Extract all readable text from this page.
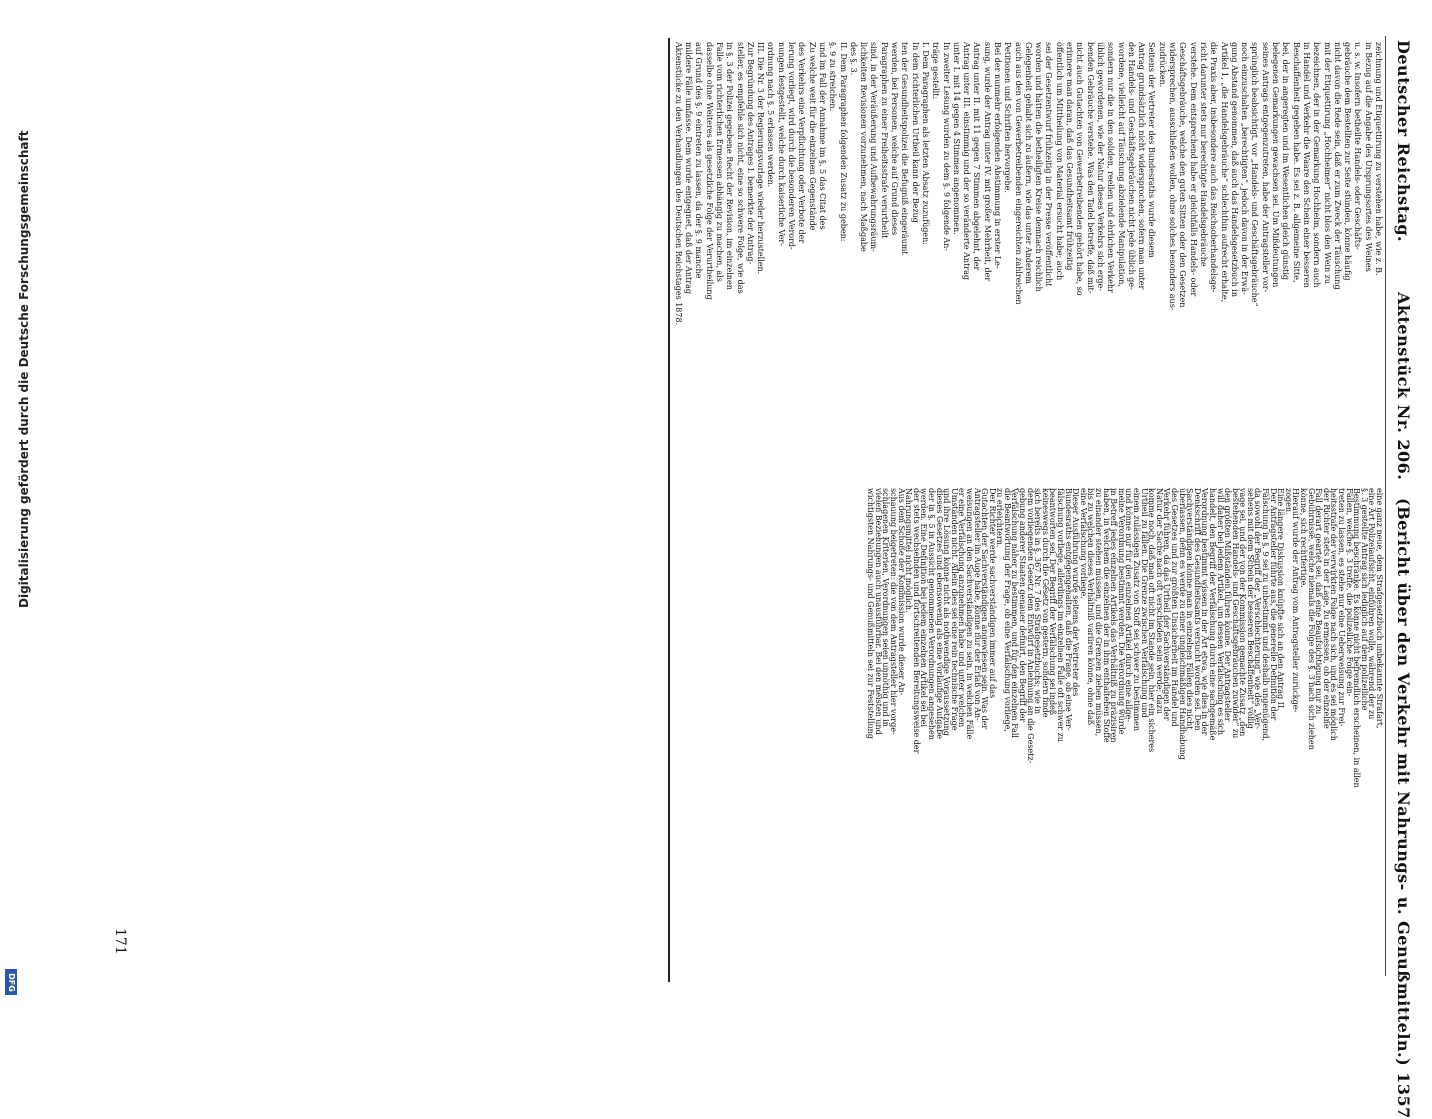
Digitalisierung gefördert durch die Deutsche Forschungsgemeinschaft
DFG
Deutscher Reichstag.
Aktenstück Nr. 206.
(Bericht über den Verkehr mit Nahrungs- u. Genußmitteln.) 1357
zeichnung und Etiquettirung zu verstehen habe, wie z. B.
in Bezug auf die Angabe des Ursprungsortes des Weines
u. s. w. Insofern betheilte Handels- oder Geschäfts-
gebräuche dem Bestellten zur Seite stünden, könne häufig
nicht davon die Rede sein, daß er zum Zweck der Täuschung
mit der Etiquettirung „Hochheimer“ nicht blos den Wein zu
bezeichnen, der in der Gemarkung Hochheim, sondern auch
in Handel und Verkehr die Waare den Schein einer besseren
Beschaffenheit gegeben habe. Es sei z. B. allgemeine Sitte,
bei, der in angeregten und im Wesentlichen gleich günstig
belegenen Gemarkungen gewachsen sei. Um Mißdeutungen
seines Antrags entgegenzutreten, habe der Antragsteller vor-
sprünglich beabsichtigt, vor „Handels- und Geschäftsgebräuche“
noch einzuschalten „berechtigten“, jedoch davon in der Erwä-
gung Abstand genommen, daß auch das Handelsgesetzbuch in
Artikel 1, „die Handelsgebräuche“ schlechthin aufrecht erhalte,
die Praxis aber, insbesondere auch das Reichsoberhandelsge-
richt darunter stets nur berechtigte Handelsgebräuche
verstehe. Dem entsprechend habe er gleichfalls Handels- oder
Geschäftsgebräuche, welche den guten Sitten oder den Gesetzen
widersprechen, ausschließen wollen, ohne solches besonders aus-
zudrücken.
Seitens der Vertreter des Bundesraths wurde diesem
Antrag grundsätzlich nicht widersprochen, sofern man unter
den Handels- und Geschäftsgebräuchen nicht jede üblich ge-
wordene, vielleicht auf Täuschung abzielende Manipulation,
sondern nur die in den soliden, reellen und ehrlichen Verkehr
üblich gewordenen, wie der Natur dieses Verkehrs sich erge-
benden Gebräuche verstehe. Was den Tadel betreffe, daß mit-
nicht auch Gutachten von Gewerbetreibenden gehört habe, so
erinnere man daran, daß das Gesundheitsamt frühzeitig
öffentlich um Mittheilung von Material ersucht habe; auch
sei der Gesetzentwurf frühzeitig in der Presse veröffentlicht
worden und hätten die betheiligten Kreise demnach reichlich
Gelegenheit gehabt sich zu äußern, wie das unter Anderem
auch aus den von Gewerbetreibenden eingereichten zahlreichen
Petitionen und Schriften hervorgehe.
Bei der nunmehr erfolgenden Abstimmung in erster Le-
sung, wurde der Antrag unter IV. mit großer Mehrheit, der
Antrag unter II. mit 11 gegen 7 Stimmen abgelehnt, der
Antrag unter III. einstimmig und der so veränderte Antrag
unter I. mit 14 gegen 4 Stimmen angenommen.
In zweiter Lesung wurden zu dem §. 9 folgende An-
träge gestellt:
I. Dem Paragraphen als letzten Absatz zuzufügen:
In dem richterlichen Urtheil kann der Bezug
ten der Gesundheitspolizei die Befugniß eingeräumt
werden, bei Personen, welche auf Grund dieses
Paragraphen zu einer Freiheitsstrafe verurtheilt
sind, in der Veräußerung und Aufbewahrungsräum-
lichkeiten Revisionen vorzunehmen, nach Maßgabe
des §. 3.
II. Dem Paragraphen folgenden Zusatz zu geben:
§. 9 zu streichen.
und im Fall der Annahme im §. 5 das Citat des
Zu welche weit für die einzelnen Gegenstände
des Verkehrs eine Verpflichtung oder Verbote der
lerung vorliegt, wird durch die besonderen Verord-
nungen festgestellt, welche durch kaiserliche Ver-
ordnung nach §. 5 erlassen werden.
III. Die Nr. 3 der Regierungsvorlage wieder herzustellen.
Zur Begründung des Antrages I. bemerkte der Antrag-
steller, es empfehle sich nicht, eine so schwere Folge, wie das
in §. 3 der Polizei gegebene Recht der Revision, im einzelnen
Falle vom richterlichen Ermessen abhängig zu machen, als
dasselbe ohne Weiteres als gesetzliche Folge der Verurtheilung
auf Grund des §. 9 eintreten zu lassen, da der §. 9 manche
mildere Fälle umfasse. Dem wurde entgegnet, daß der Antrag
Aktenstücke zu den Verhandlungen des Deutschen Reichstages 1878.
eine ganz neue, dem Strafgesetzbuch unbekannte Strafart,
eine Art Polizeiaufsicht, einführen wolle, während der zu
§. 3 gestellte Antrag sich lediglich auf dem polizeiliche
Bestimmung beschränke. Es könne nicht befremdlich erscheinen, in allen
Fällen, welche §. 3 treffe, die polizeiliche Folge ein-
treten zu lassen, es stehe nur eine Ueberweisung zur Frei-
heitsstrafe der verwirkten Folge nach sich, und es sei möglich
der Richter stets in der Lage, zu ermessen, ob der einzelne
Fall derart geartet sei, daß eine Beaufsichtigung nur zu
Gebührnisse, welche niemals die Folge des §. 3 nach sich ziehen
könne, sich rechtfertige.
Hierauf wurde der Antrag vom Antragsteller zurückge-
zogen.
Eine längere Diskussion knüpfte sich an den Antrag II.
Der Antragsteller führte aus, die generelle Definition der
Fälschung in §. 9 sei zu unbestimmt und deshalb ungenügend,
da sowohl der Begriff der „Verschlechterung“ wie des „Ver-
sehens mit dem Schein der besseren Beschaffenheit“ völlig
vage sei, und der von der Kommission gemachte Zusatz „den
bestehenden Handels- und Geschäftsgebräuchen zuwider“ zu
den größten Mißständen führen könne. Der Antragsteller
will daher bei jedem Artikel, um dessen Verfälschung es sich
handelt, den Begriff der Verfälschung durch eine sachgemäße
Verordnung bestimmt wissen in der Art etwa, wie dies in der
Denkschrift des Gesundheitsamts versucht worden sei. Den
Sachverständigen könne man in einzelnen Fällen dies nicht
überlassen, denn es werde zu einer ungleichmäßigen Handhabung
des Gesetzes und zur größten Unsicherheit im Handel und
Verkehr führen, da das Urtheil der Sachverständigen der
Natur der Sache nach oft verschieden sein werde; dazu
komme noch, daß man oft nicht im Stande sein, hier ein sicheres
Urtheil zu fällen. Die Grenze zwischen Verfälschung und
einem zulässigen Zusatz von Stoff sei schwer zu bestimmen
und könne nur für den einzelnen Artikel durch eine allge-
meine Verordnung bestimmt werden. Die Verordnung würde
in Betreff jedes einzelnen Artikels das Verhältniß zu präzisiren
haben, in welchem die einzelnen der in ihm enthaltenen Stoffe
zu einander stehen müssen, und die Grenzen ziehen müssen,
bis zu welchen dieses Verhältniß variiren könne, ohne daß
eine Verfälschung vorliege.
Dieser Ausführung wurde seitens der Vertreter des
Bundesraths entgegengehalten, daß die Frage, ob eine Ver-
fälschung vorliege, allerdings im einzelnen Falle oft schwer zu
beantworten sei. Der Begriff der Verfälschung sei indeß
keineswegs durch die Gesetz von gestern, sondern finde
sich bereits in §. 367 Nr. 7 des Strafgesetzbuchs; wie in
dem vorliegenden Gesetz dem Entwurf in Anlehnung an die Gesetz-
gebung anderer Staaten genauer definirt, den Begriff der
Verfälschung näher zu bestimmen, und für den einzelnen Fall
die Beantwortung der Frage, ob eine Verfälschung vorliege,
zu erleichtern.
Der Richter werde sachverständigen immer auf das
Gutachten der Sachverständigen angewiesen sein. Was der
Antragsteller im Auge habe, könne nur der Erlaß von An-
weisungen an den Sachverständigen zu sein, in welchen Fälle
er eine Verfälschung anzunehmen habe und unter welchen
Umständen nicht. Allein dies sei eine rein technische Frage
und ihre Lösung könne nicht als nothwendige Voraussetzung
dieses Gesetzes und ebensowenig als eine vorläufige Aufgabe
der in §. 5 in Aussicht genommenen Verordnungen angesehen
werden. Eine Definition bei jedem einzelnen Artikel sei bei
der stets wechselnden und fortschreitenden Bereitungsweise der
Nahrungsmittel nicht möglich.
Aus dem Schoße der Kommission wurde dieser An-
schauung beigetreten: die von dem Antragsteller hier vorge-
schlagenen Kriterien, Verordnungen seien unnöthig und in
vielen Beziehungen auch unausführbar. Bei den meisten und
wichtigsten Nahrungs- und Genußmitteln sei zur Feststellung
171
